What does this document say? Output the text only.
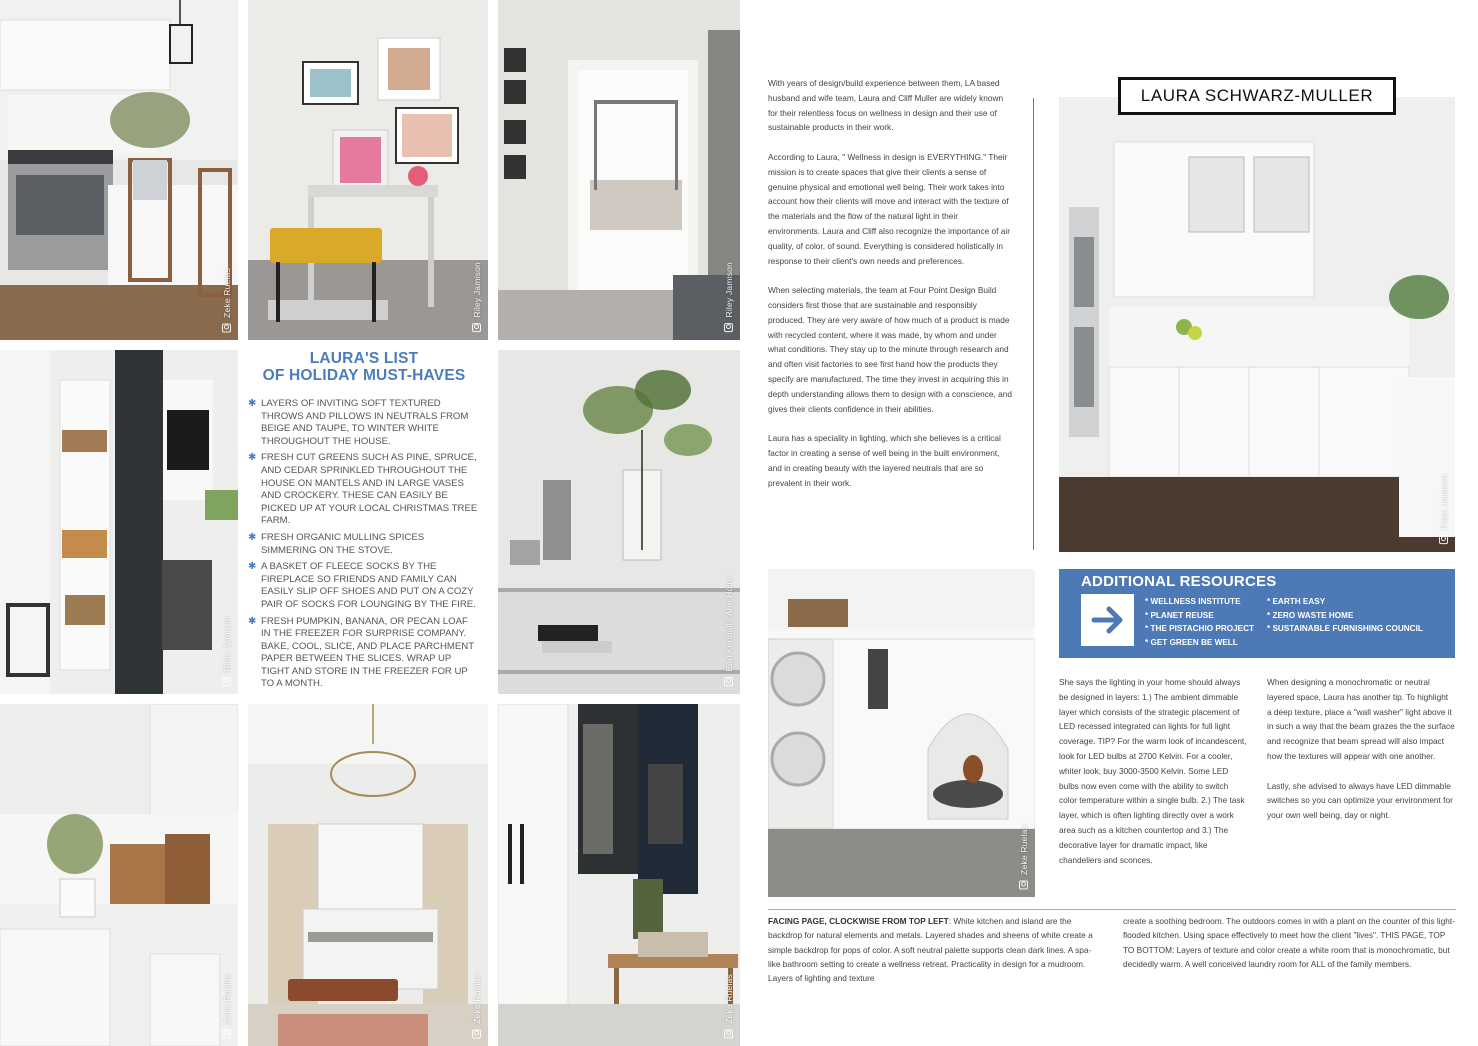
Zeke Ruelas	Riley Jamison	Riley Jamison
Riley Jamison	Earl Kendall / Abe Holte
Zeke Ruelas	Zeke Ruelas	Zeke Ruelas
LAURA'S LIST
OF HOLIDAY MUST-HAVES
✱ LAYERS OF INVITING SOFT TEXTURED THROWS AND PILLOWS IN NEUTRALS FROM BEIGE AND TAUPE, TO WINTER WHITE THROUGHOUT THE HOUSE.
✱ FRESH CUT GREENS SUCH AS PINE, SPRUCE, AND CEDAR SPRINKLED THROUGHOUT THE HOUSE ON MANTELS AND IN LARGE VASES AND CROCKERY. THESE CAN EASILY BE PICKED UP AT YOUR LOCAL CHRISTMAS TREE FARM.
✱ FRESH ORGANIC MULLING SPICES SIMMERING ON THE STOVE.
✱ A BASKET OF FLEECE SOCKS BY THE FIREPLACE SO FRIENDS AND FAMILY CAN EASILY SLIP OFF SHOES AND PUT ON A COZY PAIR OF SOCKS FOR LOUNGING BY THE FIRE.
✱ FRESH PUMPKIN, BANANA, OR PECAN LOAF IN THE FREEZER FOR SURPRISE COMPANY. BAKE, COOL, SLICE, AND PLACE PARCHMENT PAPER BETWEEN THE SLICES. WRAP UP TIGHT AND STORE IN THE FREEZER FOR UP TO A MONTH.

With years of design/build experience between them, LA based husband and wife team, Laura and Cliff Muller are widely known for their relentless focus on wellness in design and their use of sustainable products in their work.

According to Laura, " Wellness in design is EVERYTHING." Their mission is to create spaces that give their clients a sense of genuine physical and emotional well being. Their work takes into account how their clients will move and interact with the texture of the materials and the flow of the natural light in their environments. Laura and Cliff also recognize the importance of air quality, of color, of sound. Everything is considered holistically in response to their client's own needs and preferences.

When selecting materials, the team at Four Point Design Build considers first those that are sustainable and responsibly produced. They are very aware of how much of a product is made with recycled content, where it was made, by whom and under what conditions. They stay up to the minute through research and and often visit factories to see first hand how the products they specify are manufactured. The time they invest in acquiring this in depth understanding allows them to design with a conscience, and gives their clients confidence in their abilities.

Laura has a speciality in lighting, which she believes is a critical factor in creating a sense of well being in the built environment, and in creating beauty with the layered neutrals that are so prevalent in their work.	Riley Jamison
LAURA SCHWARZ-MULLER
Zeke Ruelas
ADDITIONAL RESOURCES
* WELLNESS INSTITUTE
* PLANET REUSE
* THE PISTACHIO PROJECT
* GET GREEN BE WELL
* EARTH EASY
* ZERO WASTE HOME
* SUSTAINABLE FURNISHING COUNCIL

She says the lighting in your home should always be designed in layers: 1.) The ambient dimmable layer which consists of the strategic placement of LED recessed integrated can lights for full light coverage. TIP? For the warm look of incandescent, look for LED bulbs at 2700 Kelvin. For a cooler, whiter look, buy 3000-3500 Kelvin. Some LED bulbs now even come with the ability to switch color temperature within a single bulb. 2.) The task layer, which is often lighting directly over a work area such as a kitchen countertop and 3.) The decorative layer for dramatic impact, like chandeliers and sconces.

When designing a monochromatic or neutral layered space, Laura has another tip. To highlight a deep texture, place a "wall washer" light above it in such a way that the beam grazes the the surface and recognize that beam spread will also impact how the textures will appear with one another.

Lastly, she advised to always have LED dimmable switches so you can optimize your environment for your own well being, day or night.

FACING PAGE, CLOCKWISE FROM TOP LEFT: White kitchen and island are the backdrop for natural elements and metals. Layered shades and sheens of white create a simple backdrop for pops of color. A soft neutral palette supports clean dark lines. A spa-like bathroom setting to create a wellness retreat. Practicality in design for a mudroom. Layers of lighting and texture
create a soothing bedroom. The outdoors comes in with a plant on the counter of this light-flooded kitchen. Using space effectively to meet how the client "lives". THIS PAGE, TOP TO BOTTOM: Layers of texture and color create a white room that is monochromatic, but decidedly warm. A well conceived laundry room for ALL of the family members.
